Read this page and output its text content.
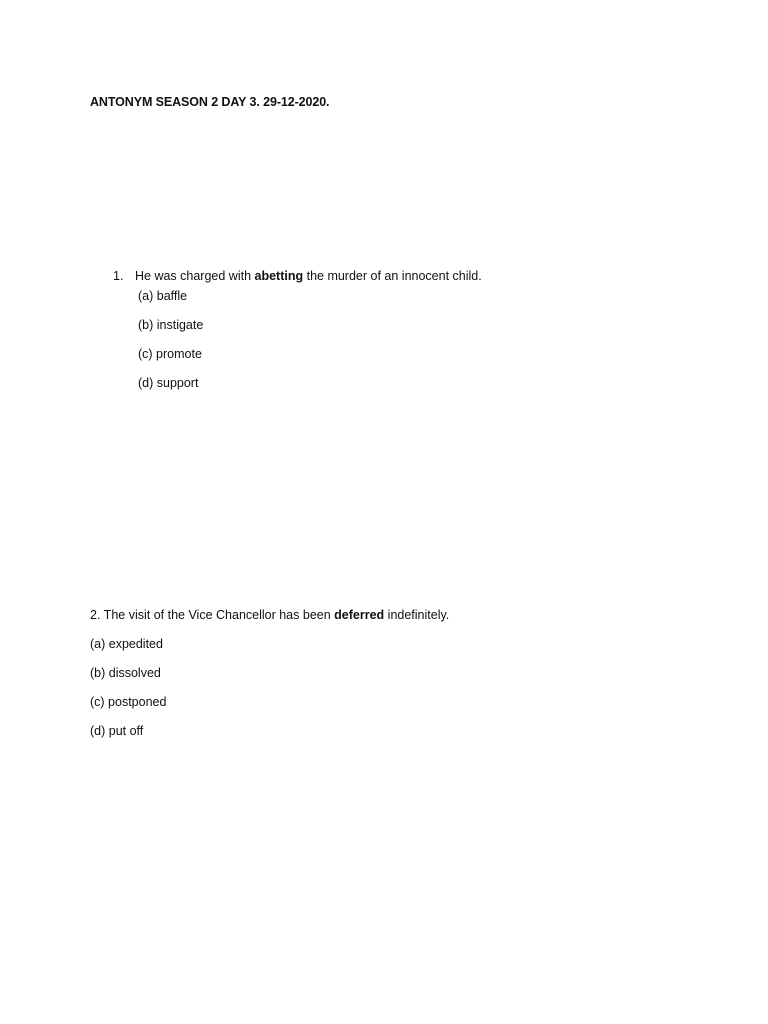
ANTONYM SEASON 2 DAY 3. 29-12-2020.
1. He was charged with abetting the murder of an innocent child.
(a) baffle
(b) instigate
(c) promote
(d) support
2. The visit of the Vice Chancellor has been deferred indefinitely.
(a) expedited
(b) dissolved
(c) postponed
(d) put off
